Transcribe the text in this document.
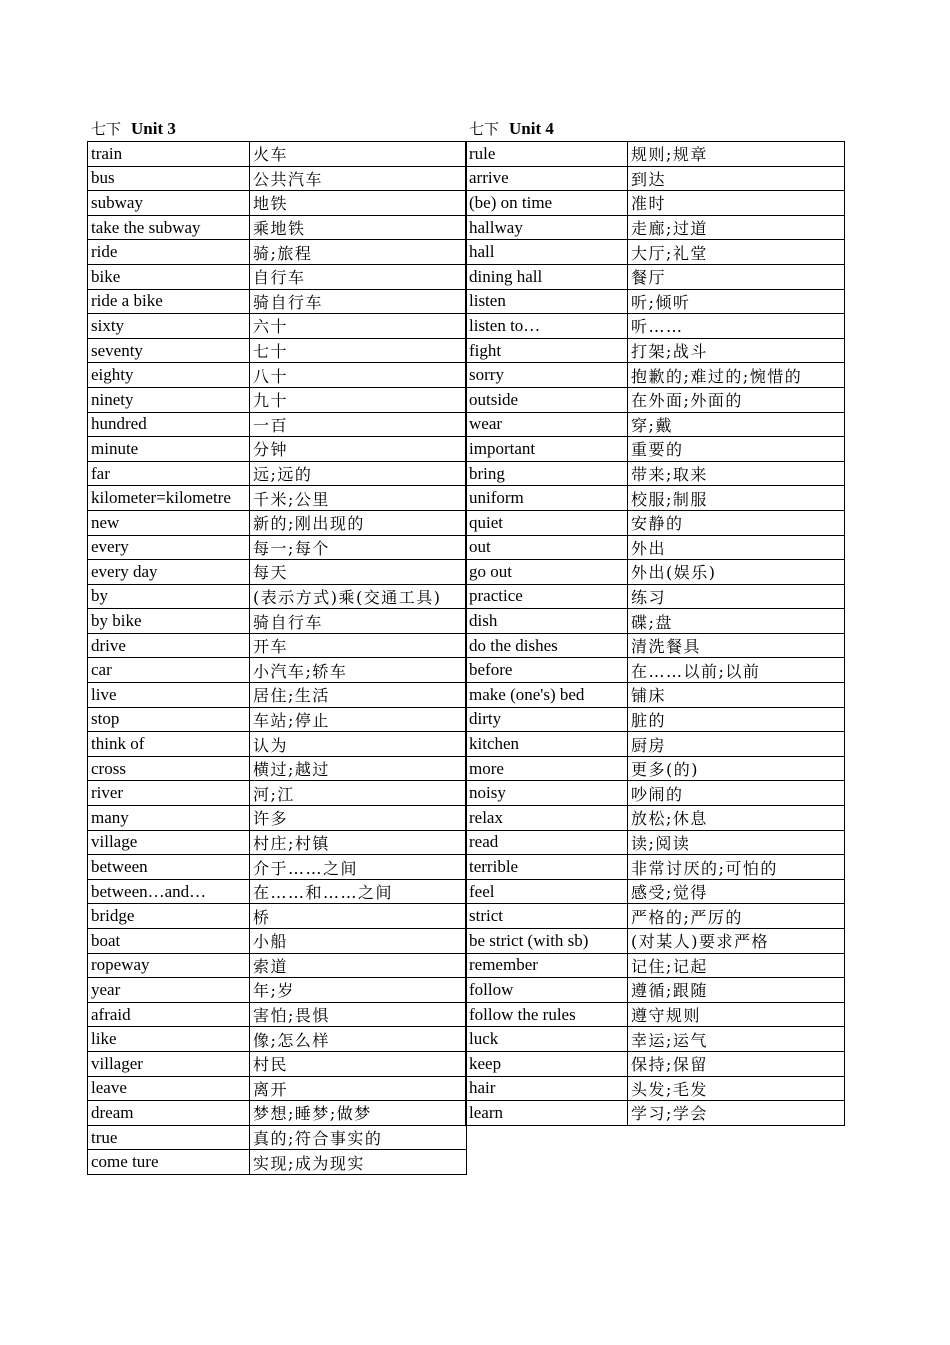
七下 Unit 3
train	火车
bus	公共汽车
subway	地铁
take the subway	乘地铁
ride	骑;旅程
bike	自行车
ride a bike	骑自行车
sixty	六十
seventy	七十
eighty	八十
ninety	九十
hundred	一百
minute	分钟
far	远;远的
kilometer=kilometre	千米;公里
new	新的;刚出现的
every	每一;每个
every day	每天
by	(表示方式)乘(交通工具)
by bike	骑自行车
drive	开车
car	小汽车;轿车
live	居住;生活
stop	车站;停止
think of	认为
cross	横过;越过
river	河;江
many	许多
village	村庄;村镇
between	介于……之间
between…and…	在……和……之间
bridge	桥
boat	小船
ropeway	索道
year	年;岁
afraid	害怕;畏惧
like	像;怎么样
villager	村民
leave	离开
dream	梦想;睡梦;做梦
true	真的;符合事实的
come ture	实现;成为现实
七下 Unit 4
rule	规则;规章
arrive	到达
(be) on time	准时
hallway	走廊;过道
hall	大厅;礼堂
dining hall	餐厅
listen	听;倾听
listen to…	听……
fight	打架;战斗
sorry	抱歉的;难过的;惋惜的
outside	在外面;外面的
wear	穿;戴
important	重要的
bring	带来;取来
uniform	校服;制服
quiet	安静的
out	外出
go out	外出(娱乐)
practice	练习
dish	碟;盘
do the dishes	清洗餐具
before	在……以前;以前
make (one's) bed	铺床
dirty	脏的
kitchen	厨房
more	更多(的)
noisy	吵闹的
relax	放松;休息
read	读;阅读
terrible	非常讨厌的;可怕的
feel	感受;觉得
strict	严格的;严厉的
be strict (with sb)	(对某人)要求严格
remember	记住;记起
follow	遵循;跟随
follow the rules	遵守规则
luck	幸运;运气
keep	保持;保留
hair	头发;毛发
learn	学习;学会
